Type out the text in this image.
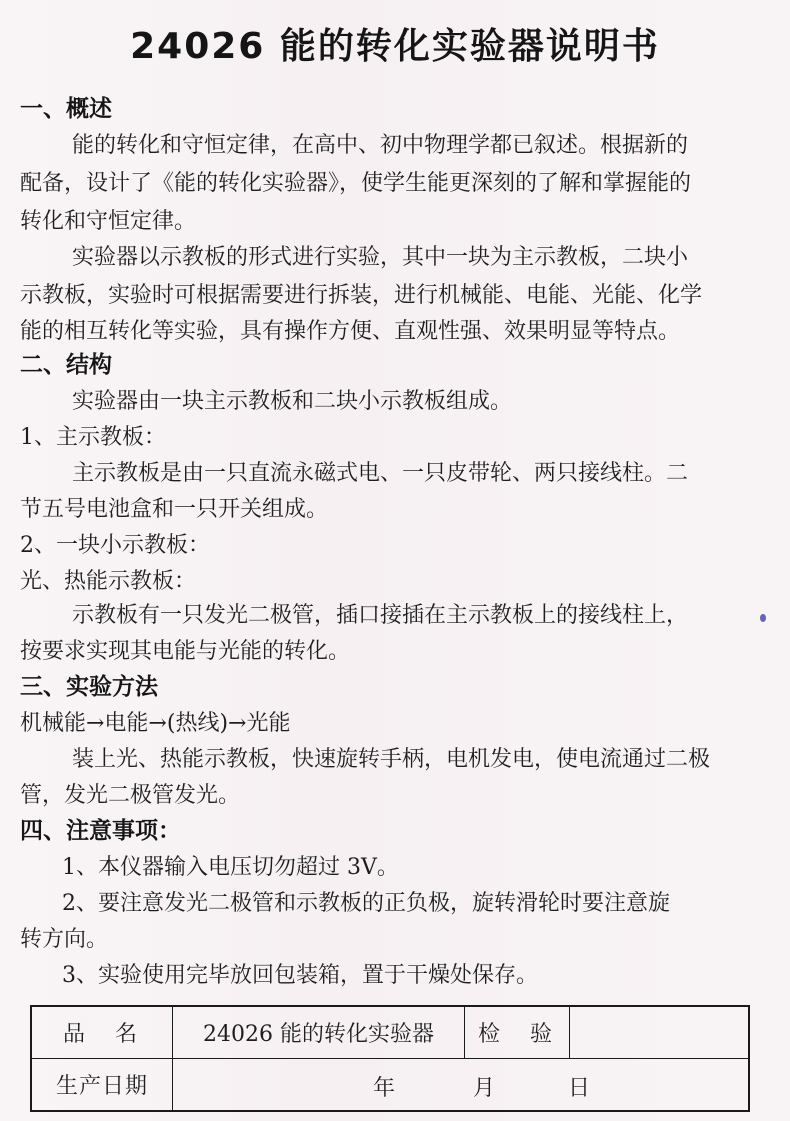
24026 能的转化实验器说明书
一、概述
能的转化和守恒定律，在高中、初中物理学都已叙述。根据新的
配备，设计了《能的转化实验器》，使学生能更深刻的了解和掌握能的
转化和守恒定律。
实验器以示教板的形式进行实验，其中一块为主示教板，二块小
示教板，实验时可根据需要进行拆装，进行机械能、电能、光能、化学
能的相互转化等实验，具有操作方便、直观性强、效果明显等特点。
二、结构
实验器由一块主示教板和二块小示教板组成。
1、主示教板：
主示教板是由一只直流永磁式电、一只皮带轮、两只接线柱。二
节五号电池盒和一只开关组成。
2、一块小示教板：
光、热能示教板：
示教板有一只发光二极管，插口接插在主示教板上的接线柱上，
按要求实现其电能与光能的转化。
三、实验方法
机械能→电能→(热线)→光能
装上光、热能示教板，快速旋转手柄，电机发电，使电流通过二极
管，发光二极管发光。
四、注意事项：
1、本仪器输入电压切勿超过 3V。
2、要注意发光二极管和示教板的正负极，旋转滑轮时要注意旋
转方向。
3、实验使用完毕放回包装箱，置于干燥处保存。
品　名	24026 能的转化实验器	检　验	
生产日期	年 月 日		
